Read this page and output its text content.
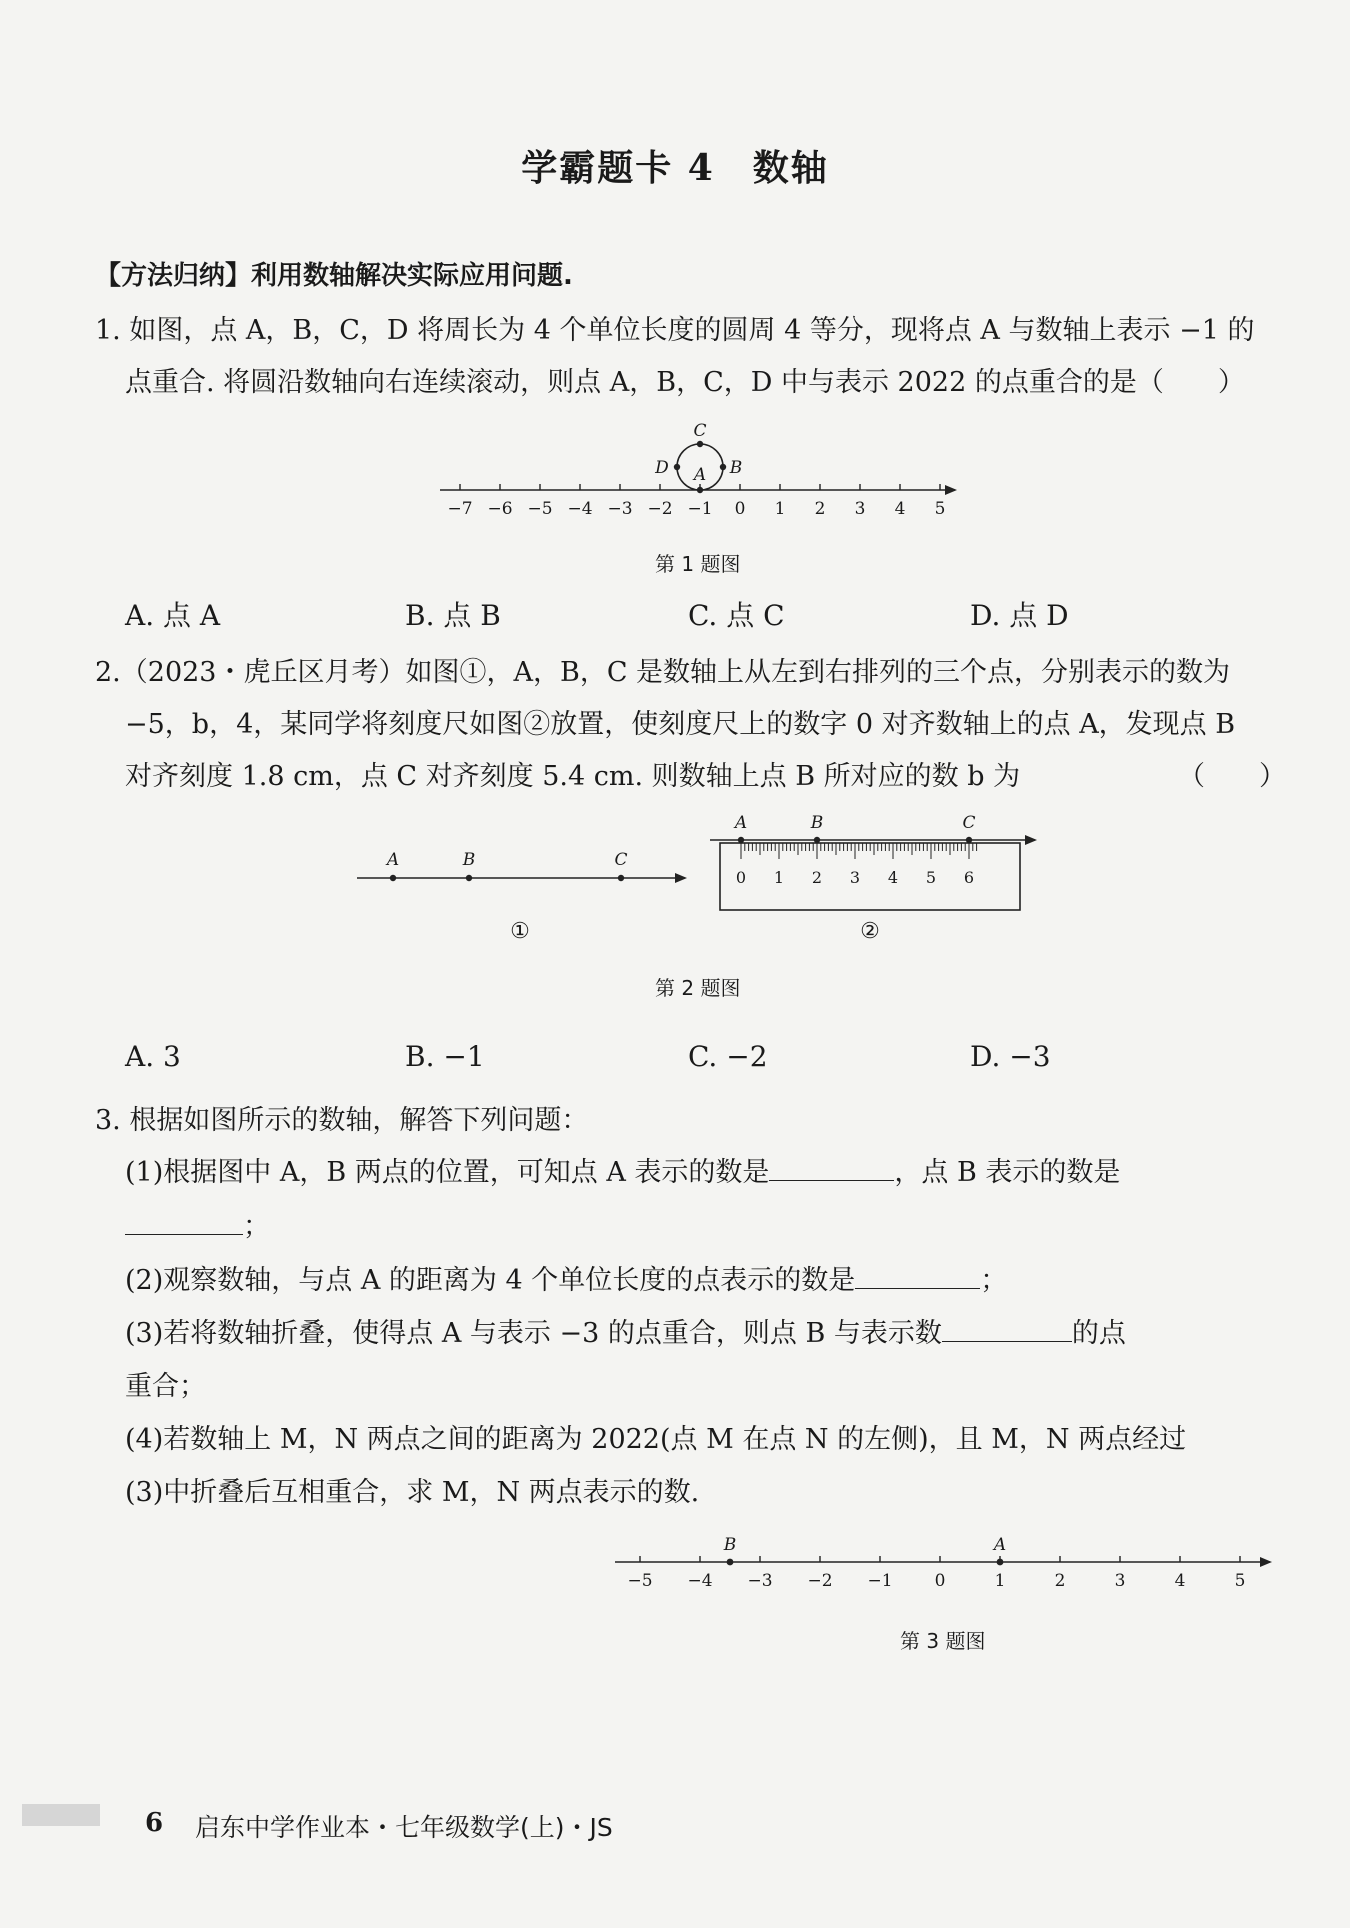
学霸题卡 4　数轴
【方法归纳】利用数轴解决实际应用问题.
1. 如图，点 A，B，C，D 将周长为 4 个单位长度的圆周 4 等分，现将点 A 与数轴上表示 −1 的
点重合. 将圆沿数轴向右连续滚动，则点 A，B，C，D 中与表示 2022 的点重合的是（　　）
−7 −6 −5 −4 −3 −2 −1 0 1 2 3 4 5
C
D A B
第 1 题图
A. 点 A	B. 点 B	C. 点 C	D. 点 D
2.（2023・虎丘区月考）如图①，A，B，C 是数轴上从左到右排列的三个点，分别表示的数为
−5，b，4，某同学将刻度尺如图②放置，使刻度尺上的数字 0 对齐数轴上的点 A，发现点 B
对齐刻度 1.8 cm，点 C 对齐刻度 5.4 cm. 则数轴上点 B 所对应的数 b 为	（　　）
A	B	C
0 1 2 3 4 5 6
A	B	C
①	②
第 2 题图
A. 3	B. −1	C. −2	D. −3
3. 根据如图所示的数轴，解答下列问题：
(1)根据图中 A，B 两点的位置，可知点 A 表示的数是	，点 B 表示的数是
；
(2)观察数轴，与点 A 的距离为 4 个单位长度的点表示的数是	；
(3)若将数轴折叠，使得点 A 与表示 −3 的点重合，则点 B 与表示数	的点
重合；
(4)若数轴上 M，N 两点之间的距离为 2022(点 M 在点 N 的左侧)，且 M，N 两点经过
(3)中折叠后互相重合，求 M，N 两点表示的数.
−5 −4 −3 −2 −1 0	1	2	3	4	5
B	A
第 3 题图
6 启东中学作业本・七年级数学(上)・JS
